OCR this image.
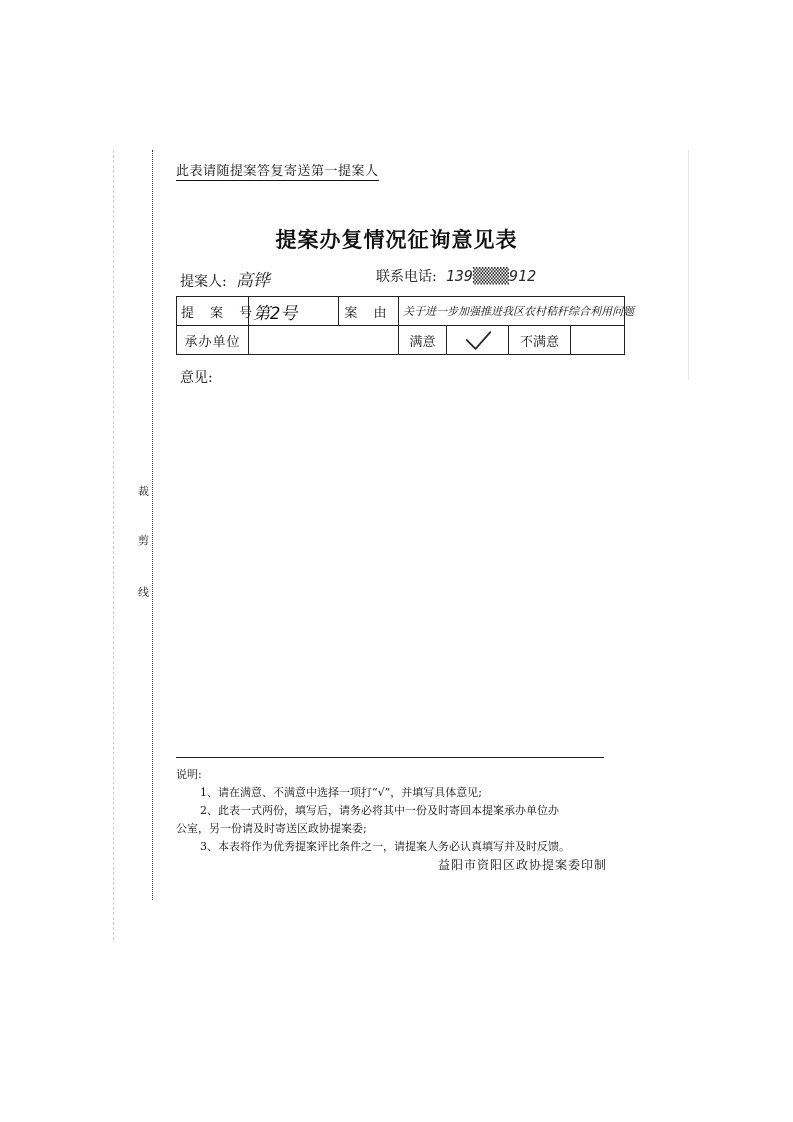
裁
剪
线
此表请随提案答复寄送第一提案人
提案办复情况征询意见表
提案人: 高铧	联系电话: 139▒▒▒▒912
提 案 号	第2号	案 由	关于进一步加强推进我区农村秸秆综合利用问题			
承办单位			满意		不满意	
意见:
说明:
1、请在满意、不满意中选择一项打“√”，并填写具体意见;
2、此表一式两份，填写后，请务必将其中一份及时寄回本提案承办单位办
公室，另一份请及时寄送区政协提案委;
3、本表将作为优秀提案评比条件之一，请提案人务必认真填写并及时反馈。
益阳市资阳区政协提案委印制
